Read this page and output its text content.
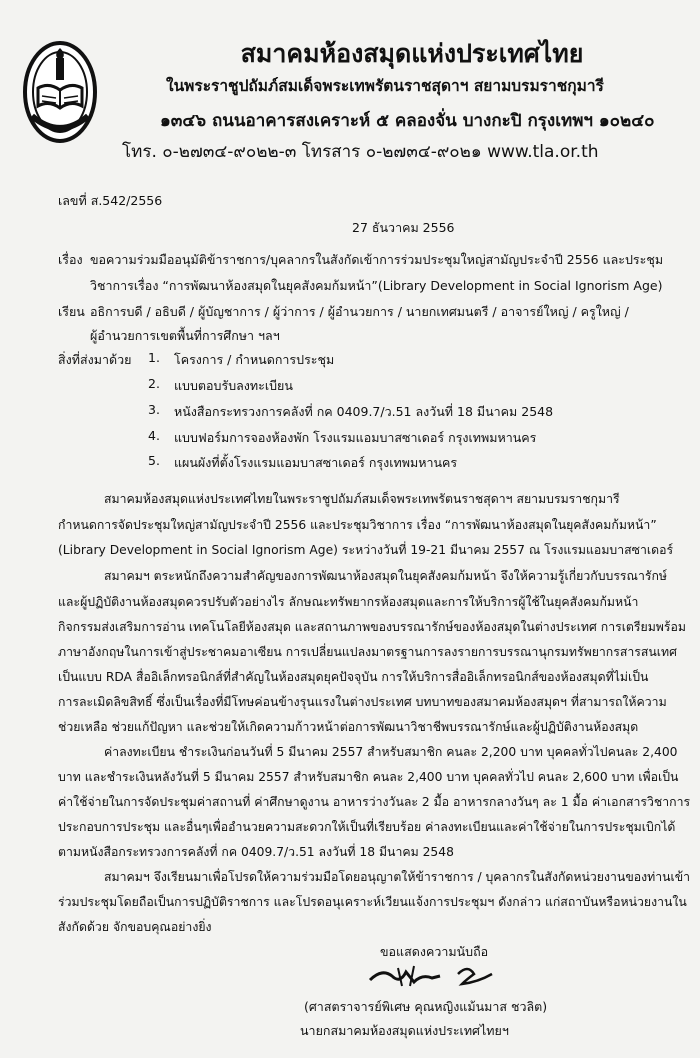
สมาคมห้องสมุดแห่งประเทศไทย
ในพระราชูปถัมภ์สมเด็จพระเทพรัตนราชสุดาฯ สยามบรมราชกุมารี
๑๓๔๖ ถนนอาคารสงเคราะห์ ๕ คลองจั่น บางกะปิ กรุงเทพฯ ๑๐๒๔๐
โทร. ๐-๒๗๓๔-๙๐๒๒-๓ โทรสาร ๐-๒๗๓๔-๙๐๒๑ www.tla.or.th
เลขที่ ส.542/2556
27 ธันวาคม 2556
เรื่อง ขอความร่วมมืออนุมัติข้าราชการ/บุคลากรในสังกัดเข้าการร่วมประชุมใหญ่สามัญประจำปี 2556 และประชุม
วิชาการเรื่อง “การพัฒนาห้องสมุดในยุคสังคมก้มหน้า”(Library Development in Social Ignorism Age)
เรียน อธิการบดี / อธิบดี / ผู้บัญชาการ / ผู้ว่าการ / ผู้อำนวยการ / นายกเทศมนตรี / อาจารย์ใหญ่ / ครูใหญ่ /
ผู้อำนวยการเขตพื้นที่การศึกษา ฯลฯ
สิ่งที่ส่งมาด้วย 1. โครงการ / กำหนดการประชุม
2. แบบตอบรับลงทะเบียน
3. หนังสือกระทรวงการคลังที่ กค 0409.7/ว.51 ลงวันที่ 18 มีนาคม 2548
4. แบบฟอร์มการจองห้องพัก โรงแรมแอมบาสซาเดอร์ กรุงเทพมหานคร
5. แผนผังที่ตั้งโรงแรมแอมบาสซาเดอร์ กรุงเทพมหานคร
สมาคมห้องสมุดแห่งประเทศไทยในพระราชูปถัมภ์สมเด็จพระเทพรัตนราชสุดาฯ สยามบรมราชกุมารี
กำหนดการจัดประชุมใหญ่สามัญประจำปี 2556 และประชุมวิชาการ เรื่อง “การพัฒนาห้องสมุดในยุคสังคมก้มหน้า”
(Library Development in Social Ignorism Age) ระหว่างวันที่ 19-21 มีนาคม 2557 ณ โรงแรมแอมบาสซาเดอร์
สมาคมฯ ตระหนักถึงความสำคัญของการพัฒนาห้องสมุดในยุคสังคมก้มหน้า จึงให้ความรู้เกี่ยวกับบรรณารักษ์
และผู้ปฏิบัติงานห้องสมุดควรปรับตัวอย่างไร ลักษณะทรัพยากรห้องสมุดและการให้บริการผู้ใช้ในยุคสังคมก้มหน้า
กิจกรรมส่งเสริมการอ่าน เทคโนโลยีห้องสมุด และสถานภาพของบรรณารักษ์ของห้องสมุดในต่างประเทศ การเตรียมพร้อม
ภาษาอังกฤษในการเข้าสู่ประชาคมอาเซียน การเปลี่ยนแปลงมาตรฐานการลงรายการบรรณานุกรมทรัพยากรสารสนเทศ
เป็นแบบ RDA สื่ออิเล็กทรอนิกส์ที่สำคัญในห้องสมุดยุคปัจจุบัน การให้บริการสื่ออิเล็กทรอนิกส์ของห้องสมุดที่ไม่เป็น
การละเมิดลิขสิทธิ์ ซึ่งเป็นเรื่องที่มีโทษค่อนข้างรุนแรงในต่างประเทศ บทบาทของสมาคมห้องสมุดฯ ที่สามารถให้ความ
ช่วยเหลือ ช่วยแก้ปัญหา และช่วยให้เกิดความก้าวหน้าต่อการพัฒนาวิชาชีพบรรณารักษ์และผู้ปฏิบัติงานห้องสมุด
ค่าลงทะเบียน ชำระเงินก่อนวันที่ 5 มีนาคม 2557 สำหรับสมาชิก คนละ 2,200 บาท บุคคลทั่วไปคนละ 2,400
บาท และชำระเงินหลังวันที่ 5 มีนาคม 2557 สำหรับสมาชิก คนละ 2,400 บาท บุคคลทั่วไป คนละ 2,600 บาท เพื่อเป็น
ค่าใช้จ่ายในการจัดประชุมค่าสถานที่ ค่าศึกษาดูงาน อาหารว่างวันละ 2 มื้อ อาหารกลางวันๆ ละ 1 มื้อ ค่าเอกสารวิชาการ
ประกอบการประชุม และอื่นๆเพื่ออำนวยความสะดวกให้เป็นที่เรียบร้อย ค่าลงทะเบียนและค่าใช้จ่ายในการประชุมเบิกได้
ตามหนังสือกระทรวงการคลังที่ กค 0409.7/ว.51 ลงวันที่ 18 มีนาคม 2548
สมาคมฯ จึงเรียนมาเพื่อโปรดให้ความร่วมมือโดยอนุญาตให้ข้าราชการ / บุคลากรในสังกัดหน่วยงานของท่านเข้า
ร่วมประชุมโดยถือเป็นการปฏิบัติราชการ และโปรดอนุเคราะห์เวียนแจ้งการประชุมฯ ดังกล่าว แก่สถาบันหรือหน่วยงานใน
สังกัดด้วย จักขอบคุณอย่างยิ่ง
ขอแสดงความนับถือ
(ศาสตราจารย์พิเศษ คุณหญิงแม้นมาส ชวลิต)
นายกสมาคมห้องสมุดแห่งประเทศไทยฯ
